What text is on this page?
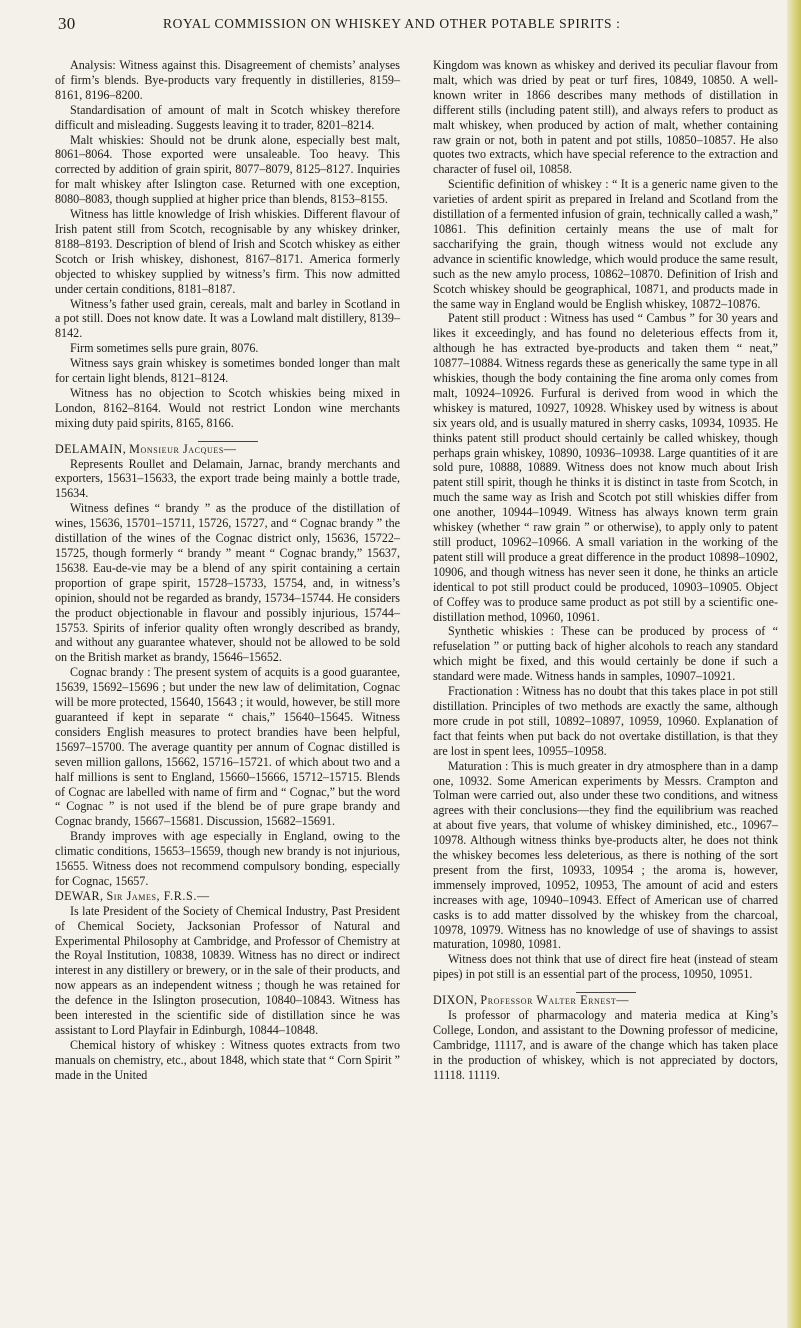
30	ROYAL COMMISSION ON WHISKEY AND OTHER POTABLE SPIRITS :

Analysis: Witness against this. Disagreement of chemists’ analyses of firm’s blends. Bye-products vary frequently in distilleries, 8159–8161, 8196–8200.

Standardisation of amount of malt in Scotch whiskey therefore difficult and misleading. Suggests leaving it to trader, 8201–8214.

Malt whiskies: Should not be drunk alone, especially best malt, 8061–8064. Those exported were unsaleable. Too heavy. This corrected by addition of grain spirit, 8077–8079, 8125–8127. Inquiries for malt whiskey after Islington case. Returned with one exception, 8080–8083, though supplied at higher price than blends, 8153–8155.

Witness has little knowledge of Irish whiskies. Different flavour of Irish patent still from Scotch, recognisable by any whiskey drinker, 8188–8193. Description of blend of Irish and Scotch whiskey as either Scotch or Irish whiskey, dishonest, 8167–8171. America formerly objected to whiskey supplied by witness’s firm. This now admitted under certain conditions, 8181–8187.

Witness’s father used grain, cereals, malt and barley in Scotland in a pot still. Does not know date. It was a Lowland malt distillery, 8139–8142.

Firm sometimes sells pure grain, 8076.

Witness says grain whiskey is sometimes bonded longer than malt for certain light blends, 8121–8124.

Witness has no objection to Scotch whiskies being mixed in London, 8162–8164. Would not restrict London wine merchants mixing duty paid spirits, 8165, 8166.

DELAMAIN, Monsieur Jacques—

Represents Roullet and Delamain, Jarnac, brandy merchants and exporters, 15631–15633, the export trade being mainly a bottle trade, 15634.

Witness defines “ brandy ” as the produce of the distillation of wines, 15636, 15701–15711, 15726, 15727, and “ Cognac brandy ” the distillation of the wines of the Cognac district only, 15636, 15722–15725, though formerly “ brandy ” meant “ Cognac brandy,” 15637, 15638. Eau-de-vie may be a blend of any spirit containing a certain proportion of grape spirit, 15728–15733, 15754, and, in witness’s opinion, should not be regarded as brandy, 15734–15744. He considers the product objectionable in flavour and possibly injurious, 15744–15753. Spirits of inferior quality often wrongly described as brandy, and without any guarantee whatever, should not be allowed to be sold on the British market as brandy, 15646–15652.

Cognac brandy : The present system of acquits is a good guarantee, 15639, 15692–15696 ; but under the new law of delimitation, Cognac will be more protected, 15640, 15643 ; it would, however, be still more guaranteed if kept in separate “ chais,” 15640–15645. Witness considers English measures to protect brandies have been helpful, 15697–15700. The average quantity per annum of Cognac distilled is seven million gallons, 15662, 15716–15721. of which about two and a half millions is sent to England, 15660–15666, 15712–15715. Blends of Cognac are labelled with name of firm and “ Cognac,” but the word “ Cognac ” is not used if the blend be of pure grape brandy and Cognac brandy, 15667–15681. Discussion, 15682–15691.

Brandy improves with age especially in England, owing to the climatic conditions, 15653–15659, though new brandy is not injurious, 15655. Witness does not recommend compulsory bonding, especially for Cognac, 15657.

DEWAR, Sir James, F.R.S.—

Is late President of the Society of Chemical Industry, Past President of Chemical Society, Jacksonian Professor of Natural and Experimental Philosophy at Cambridge, and Professor of Chemistry at the Royal Institution, 10838, 10839. Witness has no direct or indirect interest in any distillery or brewery, or in the sale of their products, and now appears as an independent witness ; though he was retained for the defence in the Islington prosecution, 10840–10843. Witness has been interested in the scientific side of distillation since he was assistant to Lord Playfair in Edinburgh, 10844–10848.

Chemical history of whiskey : Witness quotes extracts from two manuals on chemistry, etc., about 1848, which state that “ Corn Spirit ” made in the United

Kingdom was known as whiskey and derived its peculiar flavour from malt, which was dried by peat or turf fires, 10849, 10850. A well-known writer in 1866 describes many methods of distillation in different stills (including patent still), and always refers to product as malt whiskey, when produced by action of malt, whether containing raw grain or not, both in patent and pot stills, 10850–10857. He also quotes two extracts, which have special reference to the extraction and character of fusel oil, 10858.

Scientific definition of whiskey : “ It is a generic name given to the varieties of ardent spirit as prepared in Ireland and Scotland from the distillation of a fermented infusion of grain, technically called a wash,” 10861. This definition certainly means the use of malt for saccharifying the grain, though witness would not exclude any advance in scientific knowledge, which would produce the same result, such as the new amylo process, 10862–10870. Definition of Irish and Scotch whiskey should be geographical, 10871, and products made in the same way in England would be English whiskey, 10872–10876.

Patent still product : Witness has used “ Cambus ” for 30 years and likes it exceedingly, and has found no deleterious effects from it, although he has extracted bye-products and taken them “ neat,” 10877–10884. Witness regards these as generically the same type in all whiskies, though the body containing the fine aroma only comes from malt, 10924–10926. Furfural is derived from wood in which the whiskey is matured, 10927, 10928. Whiskey used by witness is about six years old, and is usually matured in sherry casks, 10934, 10935. He thinks patent still product should certainly be called whiskey, though perhaps grain whiskey, 10890, 10936–10938. Large quantities of it are sold pure, 10888, 10889. Witness does not know much about Irish patent still spirit, though he thinks it is distinct in taste from Scotch, in much the same way as Irish and Scotch pot still whiskies differ from one another, 10944–10949. Witness has always known term grain whiskey (whether “ raw grain ” or otherwise), to apply only to patent still product, 10962–10966. A small variation in the working of the patent still will produce a great difference in the product 10898–10902, 10906, and though witness has never seen it done, he thinks an article identical to pot still product could be produced, 10903–10905. Object of Coffey was to produce same product as pot still by a scientific one-distillation method, 10960, 10961.

Synthetic whiskies : These can be produced by process of “ refuselation ” or putting back of higher alcohols to reach any standard which might be fixed, and this would certainly be done if such a standard were made. Witness hands in samples, 10907–10921.

Fractionation : Witness has no doubt that this takes place in pot still distillation. Principles of two methods are exactly the same, although more crude in pot still, 10892–10897, 10959, 10960. Explanation of fact that feints when put back do not overtake distillation, is that they are lost in spent lees, 10955–10958.

Maturation : This is much greater in dry atmosphere than in a damp one, 10932. Some American experiments by Messrs. Crampton and Tolman were carried out, also under these two conditions, and witness agrees with their conclusions—they find the equilibrium was reached at about five years, that volume of whiskey diminished, etc., 10967–10978. Although witness thinks bye-products alter, he does not think the whiskey becomes less deleterious, as there is nothing of the sort present from the first, 10933, 10954 ; the aroma is, however, immensely improved, 10952, 10953, The amount of acid and esters increases with age, 10940–10943. Effect of American use of charred casks is to add matter dissolved by the whiskey from the charcoal, 10978, 10979. Witness has no knowledge of use of shavings to assist maturation, 10980, 10981.

Witness does not think that use of direct fire heat (instead of steam pipes) in pot still is an essential part of the process, 10950, 10951.

DIXON, Professor Walter Ernest—

Is professor of pharmacology and materia medica at King’s College, London, and assistant to the Downing professor of medicine, Cambridge, 11117, and is aware of the change which has taken place in the production of whiskey, which is not appreciated by doctors, 11118. 11119.
